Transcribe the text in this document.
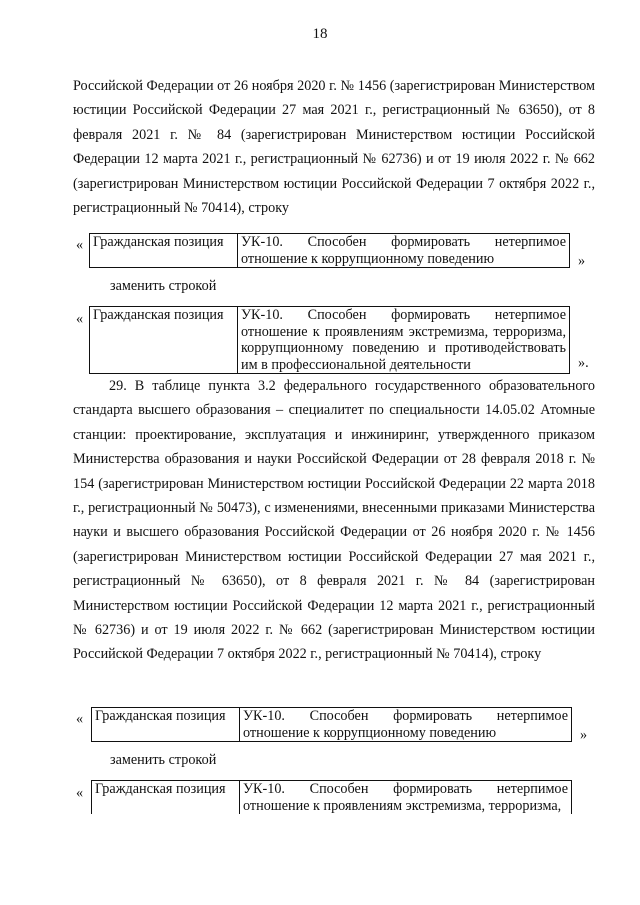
18

Российской Федерации от 26 ноября 2020 г. № 1456 (зарегистрирован Министерством юстиции Российской Федерации 27 мая 2021 г., регистрационный № 63650), от 8 февраля 2021 г. № 84 (зарегистрирован Министерством юстиции Российской Федерации 12 марта 2021 г., регистрационный № 62736) и от 19 июля 2022 г. № 662 (зарегистрирован Министерством юстиции Российской Федерации 7 октября 2022 г., регистрационный № 70414), строку

« Гражданская позиция	УК-10. Способен формировать нетерпимое
отношение к коррупционному поведению	»

заменить строкой

« Гражданская позиция	УК-10. Способен формировать нетерпимое
отношение к проявлениям экстремизма, терроризма, коррупционному поведению и противодействовать им в профессиональной деятельности	».

29. В таблице пункта 3.2 федерального государственного образовательного стандарта высшего образования – специалитет по специальности 14.05.02 Атомные станции: проектирование, эксплуатация и инжиниринг, утвержденного приказом Министерства образования и науки Российской Федерации от 28 февраля 2018 г. № 154 (зарегистрирован Министерством юстиции Российской Федерации 22 марта 2018 г., регистрационный № 50473), с изменениями, внесенными приказами Министерства науки и высшего образования Российской Федерации от 26 ноября 2020 г. № 1456 (зарегистрирован Министерством юстиции Российской Федерации 27 мая 2021 г., регистрационный № 63650), от 8 февраля 2021 г. № 84 (зарегистрирован Министерством юстиции Российской Федерации 12 марта 2021 г., регистрационный № 62736) и от 19 июля 2022 г. № 662 (зарегистрирован Министерством юстиции Российской Федерации 7 октября 2022 г., регистрационный № 70414), строку

« Гражданская позиция	УК-10. Способен формировать нетерпимое
отношение к коррупционному поведению	»

заменить строкой

« Гражданская позиция	УК-10. Способен формировать нетерпимое
отношение к проявлениям экстремизма, терроризма,
